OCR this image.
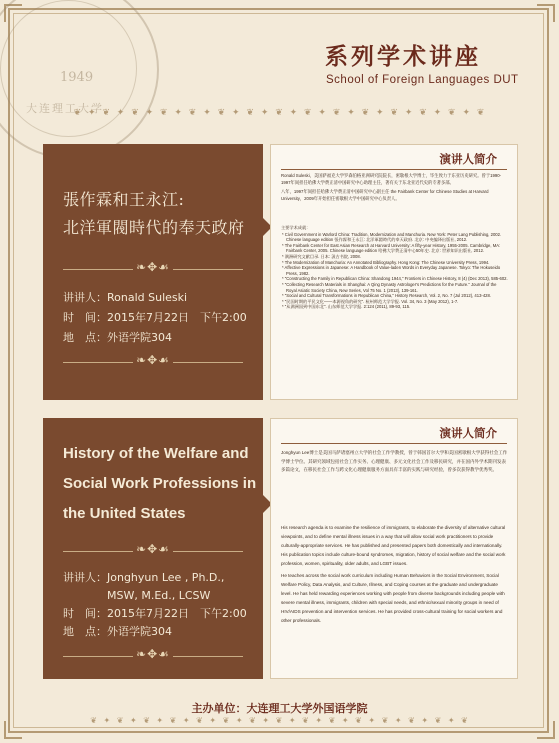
1949
大连理工大学
系列学术讲座
School of Foreign Languages DUT
❦ ✦ ❦ ✦ ❦ ✦ ❦ ✦ ❦ ✦ ❦ ✦ ❦ ✦ ❦ ✦ ❦ ✦ ❦ ✦ ❦ ✦ ❦ ✦ ❦ ✦ ❦ ✦ ❦
張作霖和王永江:
北洋軍閥時代的奉天政府
❧✥☙
讲讲人：Ronald Suleski
时　间：2015年7月22日　下午2:00
地　点：外语学院304
❧✥☙
演讲人简介

Ronald Suleski，美国萨福克大学罗森伯格亚洲研究院院长，密歇根大学博士，毕生致力于东亚历史研究。曾于1990-1997年间担任哈佛大学费正清中国研究中心助理主任，著有关于东北亚近代史的专著多部。

八年，1997年间担任哈佛大学费正清中国研究中心副主任 the Fairbank Center for Chinese Studies at Harvard University，2009年开始担任密歇根大学中国研究中心负责人。

主要学术成就：

* Civil Government in Warlord China: Tradition, Modernization and Manchuria. New York: Peter Lang Publishing, 2002. Chinese language edition 張作霖和王永江: 北洋軍閥時代的奉天政府. 北京: 中央编译出版社, 2012.

* The Fairbank Center for East Asian Research at Harvard University: A fifty-year History, 1955-2005. Cambridge, MA: Fairbank Center, 2005. Chinese language edition 哈佛大学费正清中心50年史. 北京: 世界知识出版社, 2012.

* 满洲研究文献目录. 日本: 汲古书院, 2008.

* The Modernization of Manchuria: An Annotated Bibliography. Hong Kong: The Chinese University Press, 1994.

* Affective Expressions in Japanese: A Handbook of Value-laden Words in Everyday Japanese. Tokyo: The Hokuseido Press, 1982.

* "Constructing the Family in Republican China: Shandong 1944," Frontiers in Chinese History, 8 (4) (Dec 2013), 585-602.

* "Collecting Research Materials in Shanghai: A Qing Dynasty Astrologer's Predictions for the Future." Journal of the Royal Asiatic Society China, New Series, Vol 75 No. 1 (2013), 139-161.

* "Social and Cultural Transformations in Republican China," History Research, Vol. 2, No. 7 (Jul 2012), 413-428.

* "民国时期的平民文化——本源视角的研究". 杭州师范大学学报. Vol. 34, No. 3 (May 2012), 1-7.

* "从满洲国到中国东北". 山东师范大学学报. 2:124 (2011), 89-93, 115.

History of the Welfare and
Social Work Professions in
the United States
❧✥☙
讲讲人：Jonghyun Lee , Ph.D.,
　　　　MSW, M.Ed., LCSW
时　间：2015年7月22日　下午2:00
地　点：外语学院304
❧✥☙
演讲人简介
Jonghyun Lee博士是美国马萨诸塞州立大学的社会工作学教授，曾于韩国首尔大学和美国密歇根大学获得社会工作学博士学位。其研究领域包括社会工作实务、心理健康、多元文化社会工作及移民研究，并在国内外学术期刊发表多篇论文，在移民社会工作与跨文化心理健康服务方面具有丰富的实践与研究经验，曾多次获得教学优秀奖。

His research agenda is to examine the resilience of immigrants, to elaborate the diversity of alternative cultural viewpoints, and to define mental illness issues in a way that will allow social work practitioners to provide culturally-appropriate services. He has published and presented papers both domestically and internationally. His publication topics include culture-bound syndromes, migration, history of social welfare and the social work profession, women, spirituality, older adults, and LGBT issues.

He teaches across the social work curriculum including Human Behaviors in the Social Environment, Social Welfare Policy, Data Analysis, and Culture, Illness, and Coping courses at the graduate and undergraduate level. He has held rewarding experiences working with people from diverse backgrounds including people with severe mental illness, immigrants, children with special needs, and ethnic/sexual minority groups in need of HIV/AIDS prevention and intervention services. He has provided cross-cultural training for social workers and other professionals.

主办单位：大连理工大学外国语学院
❦ ✦ ❦ ✦ ❦ ✦ ❦ ✦ ❦ ✦ ❦ ✦ ❦ ✦ ❦ ✦ ❦ ✦ ❦ ✦ ❦ ✦ ❦ ✦ ❦ ✦ ❦ ✦ ❦
